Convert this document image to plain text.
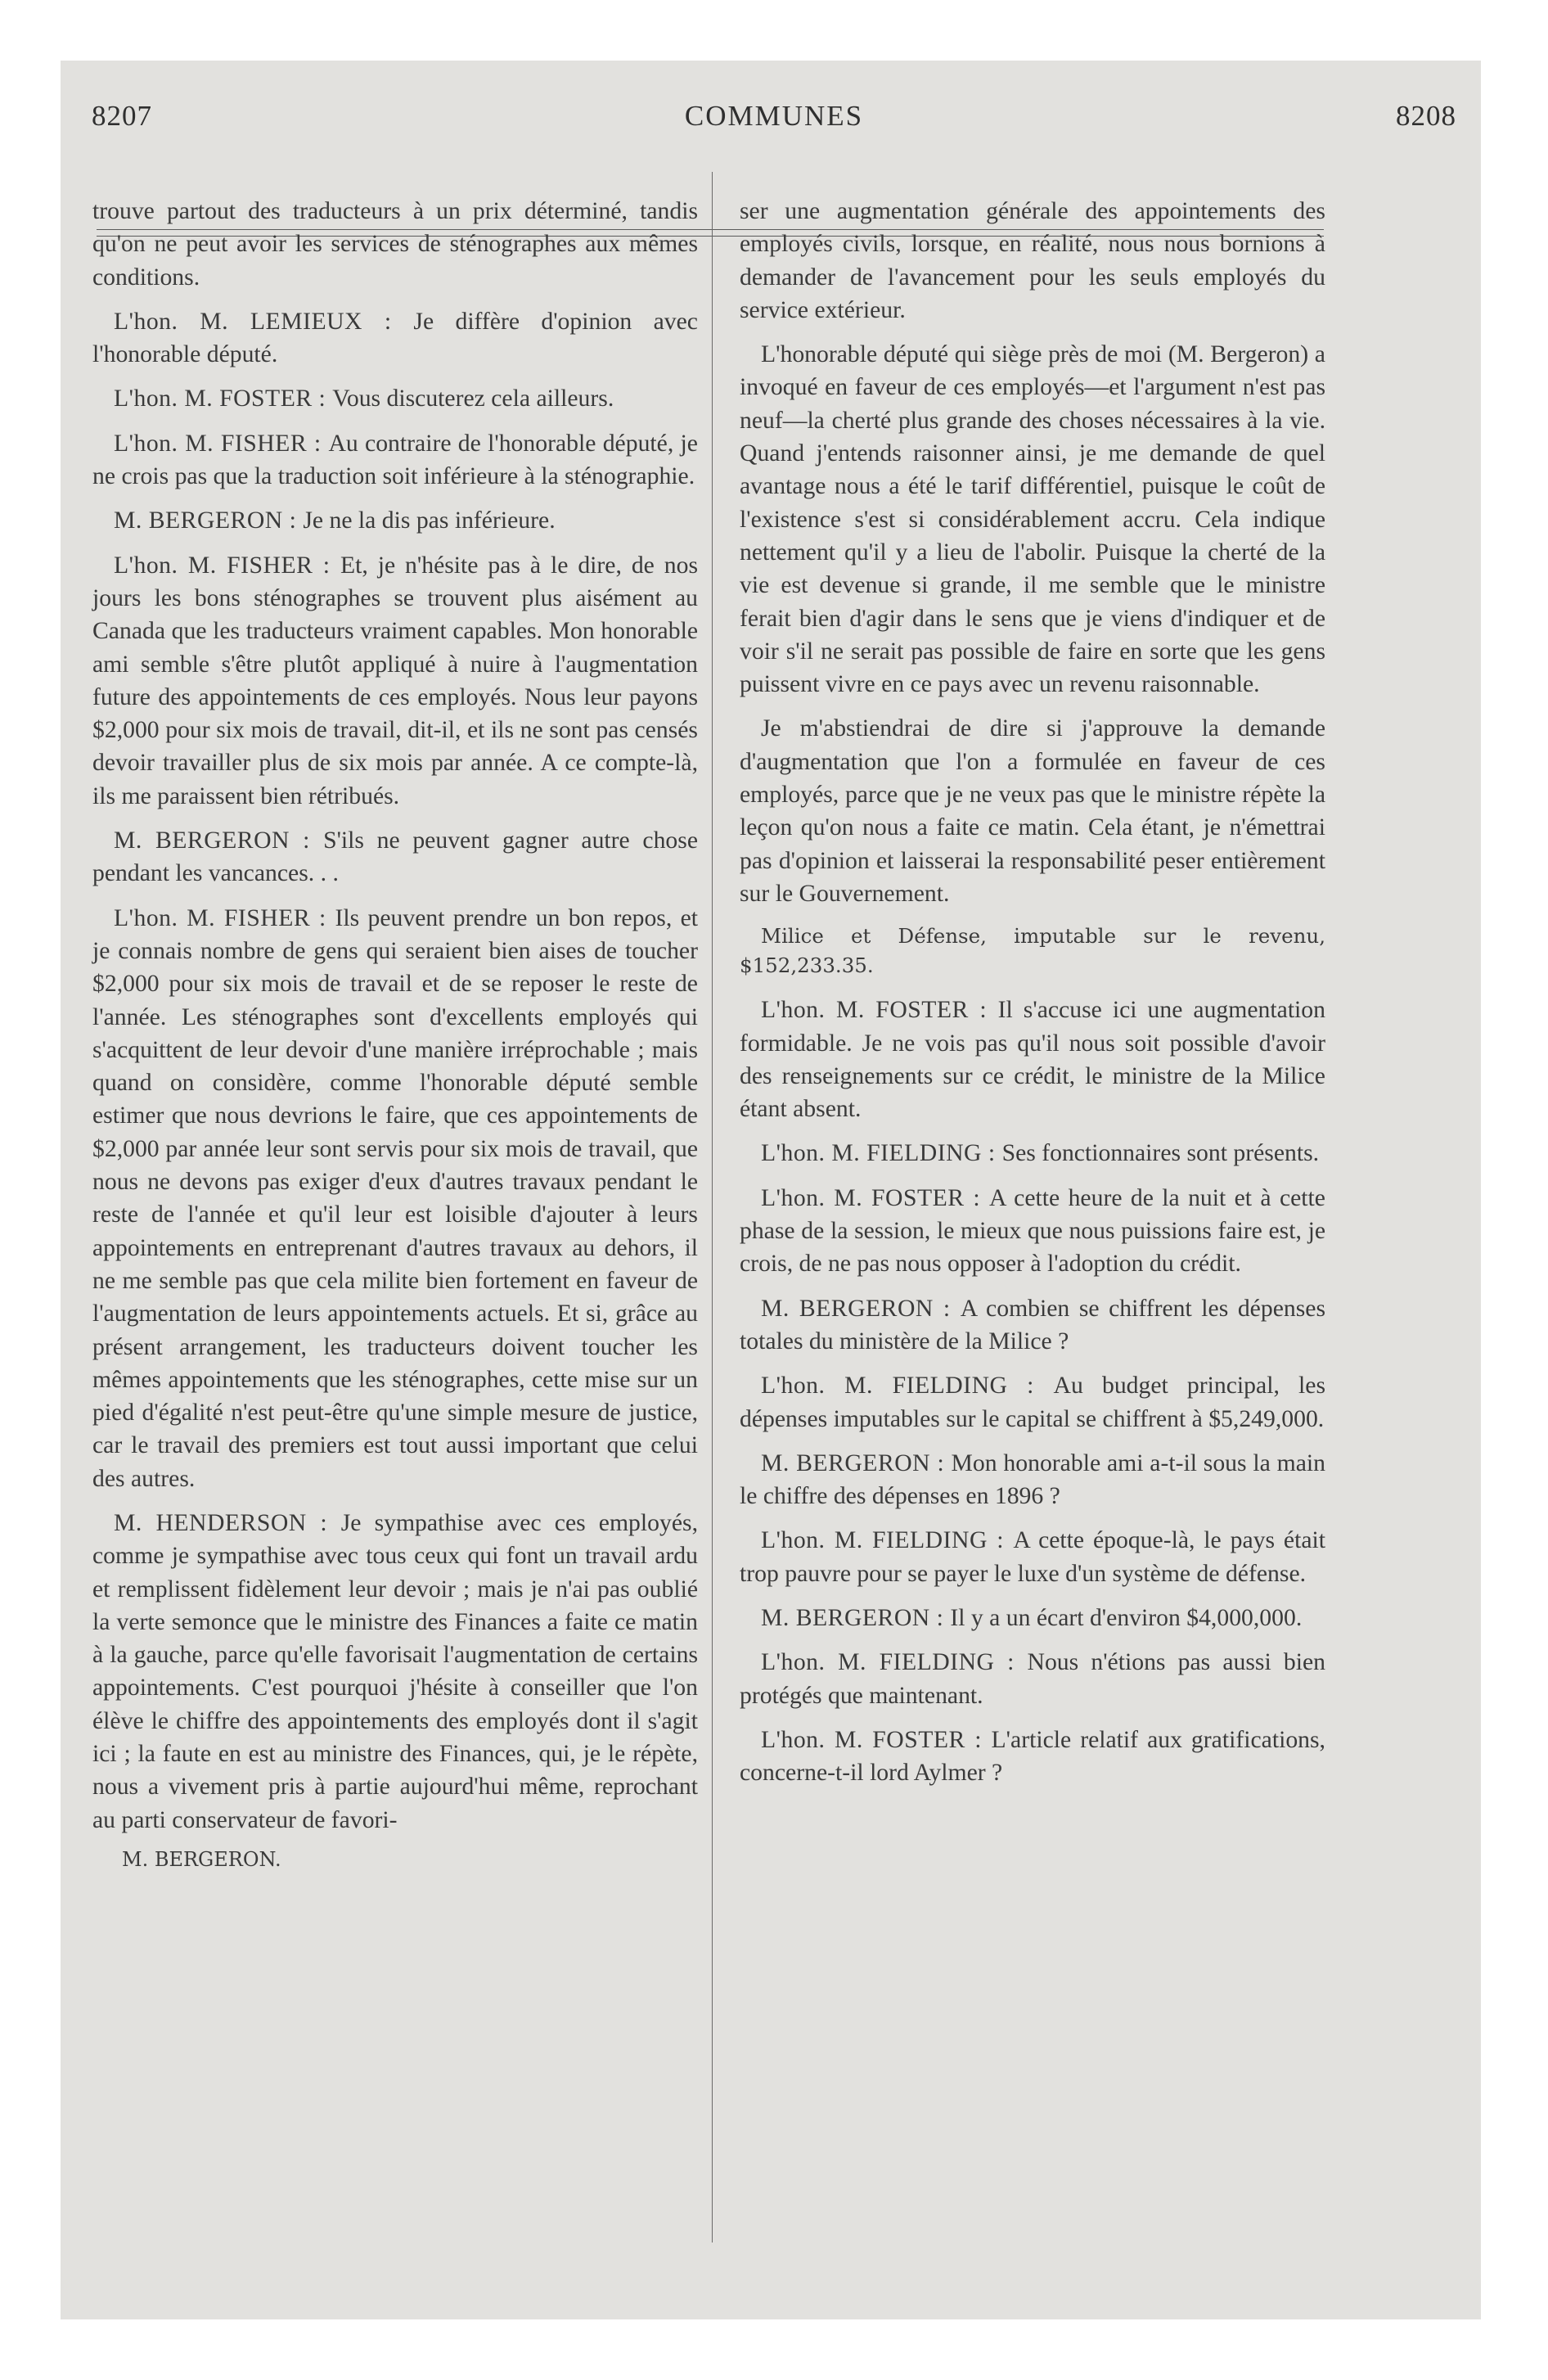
8207	COMMUNES	8208

trouve partout des traducteurs à un prix déterminé, tandis qu'on ne peut avoir les services de sténographes aux mêmes conditions.

L'hon. M. LEMIEUX : Je diffère d'opinion avec l'honorable député.

L'hon. M. FOSTER : Vous discuterez cela ailleurs.

L'hon. M. FISHER : Au contraire de l'honorable député, je ne crois pas que la traduction soit inférieure à la sténographie.

M. BERGERON : Je ne la dis pas inférieure.

L'hon. M. FISHER : Et, je n'hésite pas à le dire, de nos jours les bons sténographes se trouvent plus aisément au Canada que les traducteurs vraiment capables. Mon honorable ami semble s'être plutôt appliqué à nuire à l'augmentation future des appointements de ces employés. Nous leur payons $2,000 pour six mois de travail, dit-il, et ils ne sont pas censés devoir travailler plus de six mois par année. A ce compte-là, ils me paraissent bien rétribués.

M. BERGERON : S'ils ne peuvent gagner autre chose pendant les vancances. . .

L'hon. M. FISHER : Ils peuvent prendre un bon repos, et je connais nombre de gens qui seraient bien aises de toucher $2,000 pour six mois de travail et de se reposer le reste de l'année. Les sténographes sont d'excellents employés qui s'acquittent de leur devoir d'une manière irréprochable ; mais quand on considère, comme l'honorable député semble estimer que nous devrions le faire, que ces appointements de $2,000 par année leur sont servis pour six mois de travail, que nous ne devons pas exiger d'eux d'autres travaux pendant le reste de l'année et qu'il leur est loisible d'ajouter à leurs appointements en entreprenant d'autres travaux au dehors, il ne me semble pas que cela milite bien fortement en faveur de l'augmentation de leurs appointements actuels. Et si, grâce au présent arrangement, les traducteurs doivent toucher les mêmes appointements que les sténographes, cette mise sur un pied d'égalité n'est peut-être qu'une simple mesure de justice, car le travail des premiers est tout aussi important que celui des autres.

M. HENDERSON : Je sympathise avec ces employés, comme je sympathise avec tous ceux qui font un travail ardu et remplissent fidèlement leur devoir ; mais je n'ai pas oublié la verte semonce que le ministre des Finances a faite ce matin à la gauche, parce qu'elle favorisait l'augmentation de certains appointements. C'est pourquoi j'hésite à conseiller que l'on élève le chiffre des appointements des employés dont il s'agit ici ; la faute en est au ministre des Finances, qui, je le répète, nous a vivement pris à partie aujourd'hui même, reprochant au parti conservateur de favori-

M. BERGERON.

ser une augmentation générale des appointements des employés civils, lorsque, en réalité, nous nous bornions à demander de l'avancement pour les seuls employés du service extérieur.

L'honorable député qui siège près de moi (M. Bergeron) a invoqué en faveur de ces employés—et l'argument n'est pas neuf—la cherté plus grande des choses nécessaires à la vie. Quand j'entends raisonner ainsi, je me demande de quel avantage nous a été le tarif différentiel, puisque le coût de l'existence s'est si considérablement accru. Cela indique nettement qu'il y a lieu de l'abolir. Puisque la cherté de la vie est devenue si grande, il me semble que le ministre ferait bien d'agir dans le sens que je viens d'indiquer et de voir s'il ne serait pas possible de faire en sorte que les gens puissent vivre en ce pays avec un revenu raisonnable.

Je m'abstiendrai de dire si j'approuve la demande d'augmentation que l'on a formulée en faveur de ces employés, parce que je ne veux pas que le ministre répète la leçon qu'on nous a faite ce matin. Cela étant, je n'émettrai pas d'opinion et laisserai la responsabilité peser entièrement sur le Gouvernement.

Milice et Défense, imputable sur le revenu, $152,233.35.

L'hon. M. FOSTER : Il s'accuse ici une augmentation formidable. Je ne vois pas qu'il nous soit possible d'avoir des renseignements sur ce crédit, le ministre de la Milice étant absent.

L'hon. M. FIELDING : Ses fonctionnaires sont présents.

L'hon. M. FOSTER : A cette heure de la nuit et à cette phase de la session, le mieux que nous puissions faire est, je crois, de ne pas nous opposer à l'adoption du crédit.

M. BERGERON : A combien se chiffrent les dépenses totales du ministère de la Milice ?

L'hon. M. FIELDING : Au budget principal, les dépenses imputables sur le capital se chiffrent à $5,249,000.

M. BERGERON : Mon honorable ami a-t-il sous la main le chiffre des dépenses en 1896 ?

L'hon. M. FIELDING : A cette époque-là, le pays était trop pauvre pour se payer le luxe d'un système de défense.

M. BERGERON : Il y a un écart d'environ $4,000,000.

L'hon. M. FIELDING : Nous n'étions pas aussi bien protégés que maintenant.

L'hon. M. FOSTER : L'article relatif aux gratifications, concerne-t-il lord Aylmer ?
